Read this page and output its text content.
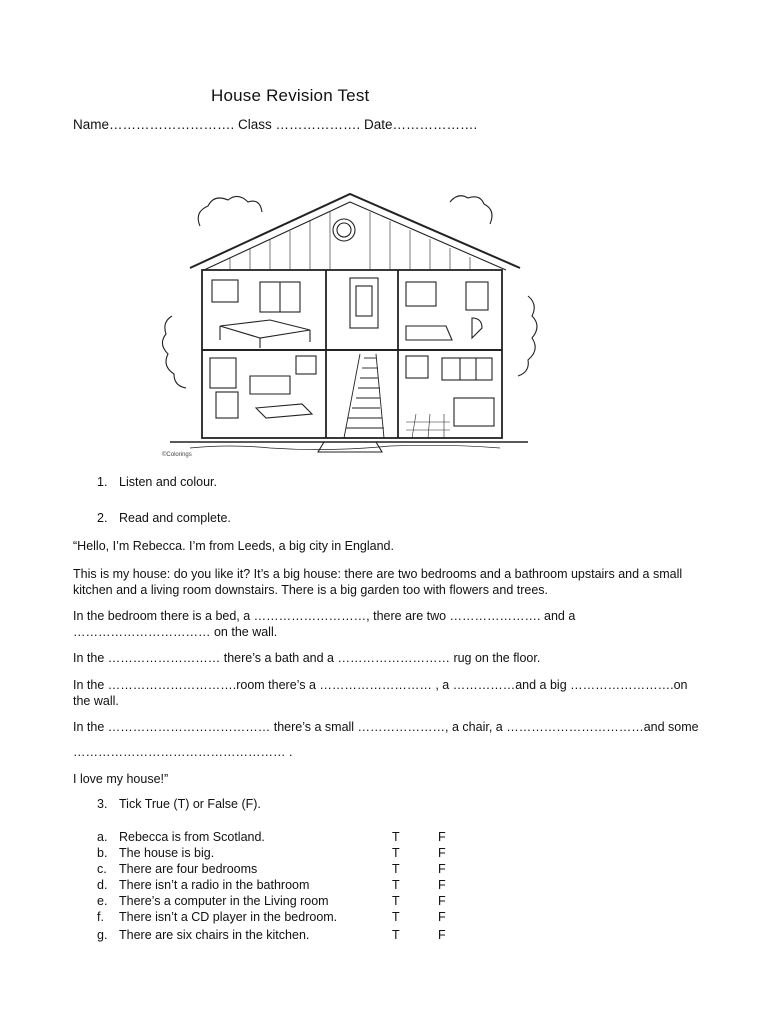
House Revision Test
Name………………………. Class ………………. Date……………….
©Colorings
1. Listen and colour.
2. Read and complete.
“Hello, I’m Rebecca. I’m from Leeds, a big city in England.
This is my house: do you like it? It’s a big house: there are two bedrooms and a bathroom upstairs and a small kitchen and a living room downstairs. There is a big garden too with flowers and trees.
In the bedroom there is a bed, a ………………………, there are two …………………. and a …………………………… on the wall.
In the ……………………… there’s a bath and a ……………………… rug on the floor.
In the ………………………….room there’s a ……………………… , a ……………and a big …………………….on the wall.
In the ………………………………… there’s a small …………………, a chair, a ……………………………and some
…………………………………………… .
I love my house!”
3. Tick True (T) or False (F).
a. Rebecca is from Scotland.	T	F
b. The house is big.	T	F
c. There are four bedrooms	T	F
d. There isn’t a radio in the bathroom	T	F
e. There’s a computer in the Living room	T	F
f. There isn’t a CD player in the bedroom.	T	F
g. There are six chairs in the kitchen.	T	F
